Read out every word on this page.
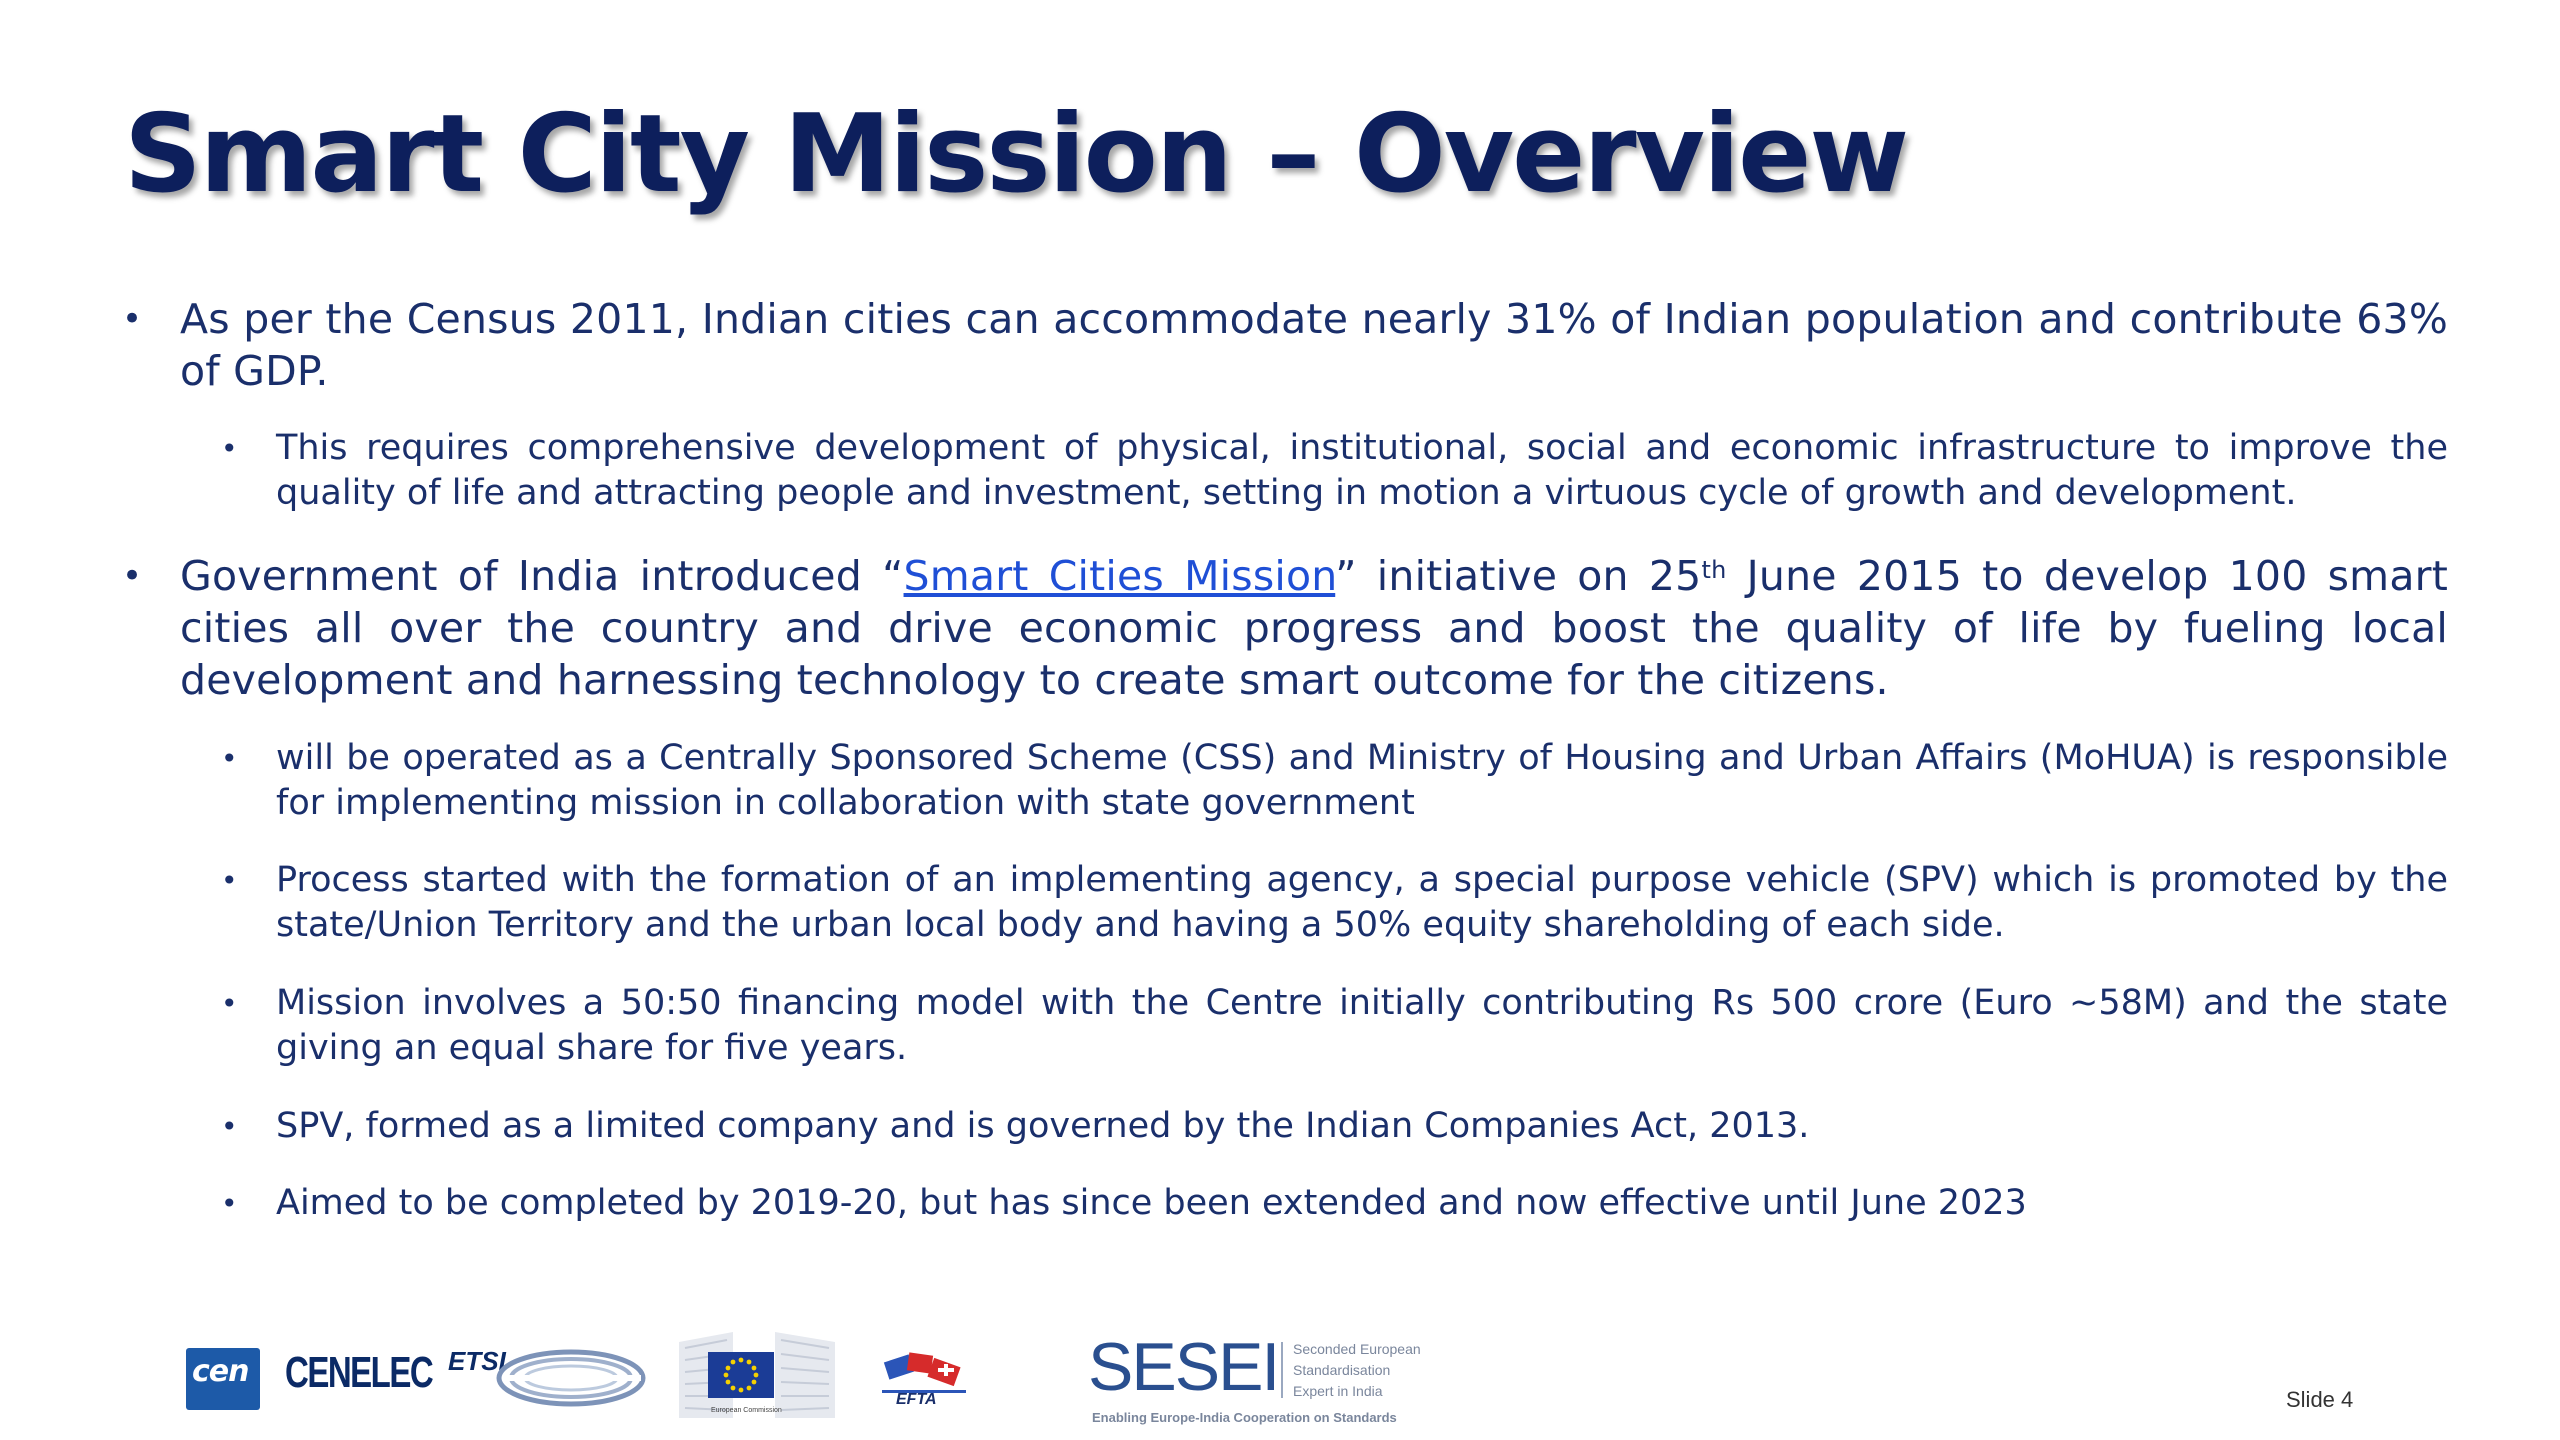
Smart City Mission – Overview
• As per the Census 2011, Indian cities can accommodate nearly 31% of Indian population and contribute 63% of GDP.
• This requires comprehensive development of physical, institutional, social and economic infrastructure to improve the quality of life and attracting people and investment, setting in motion a virtuous cycle of growth and development.
• Government of India introduced “Smart Cities Mission” initiative on 25th June 2015 to develop 100 smart cities all over the country and drive economic progress and boost the quality of life by fueling local development and harnessing technology to create smart outcome for the citizens.
• will be operated as a Centrally Sponsored Scheme (CSS) and Ministry of Housing and Urban Affairs (MoHUA) is responsible for implementing mission in collaboration with state government
• Process started with the formation of an implementing agency, a special purpose vehicle (SPV) which is promoted by the state/Union Territory and the urban local body and having a 50% equity shareholding of each side.
• Mission involves a 50:50 financing model with the Centre initially contributing Rs 500 crore (Euro ~58M) and the state giving an equal share for five years.
• SPV, formed as a limited company and is governed by the Indian Companies Act, 2013.
• Aimed to be completed by 2019-20, but has since been extended and now effective until June 2023
cen CENELEC ETSI
European Commission
EFTA SESEI Seconded European
Standardisation
Expert in India
Enabling Europe-India Cooperation on Standards
Slide 4
